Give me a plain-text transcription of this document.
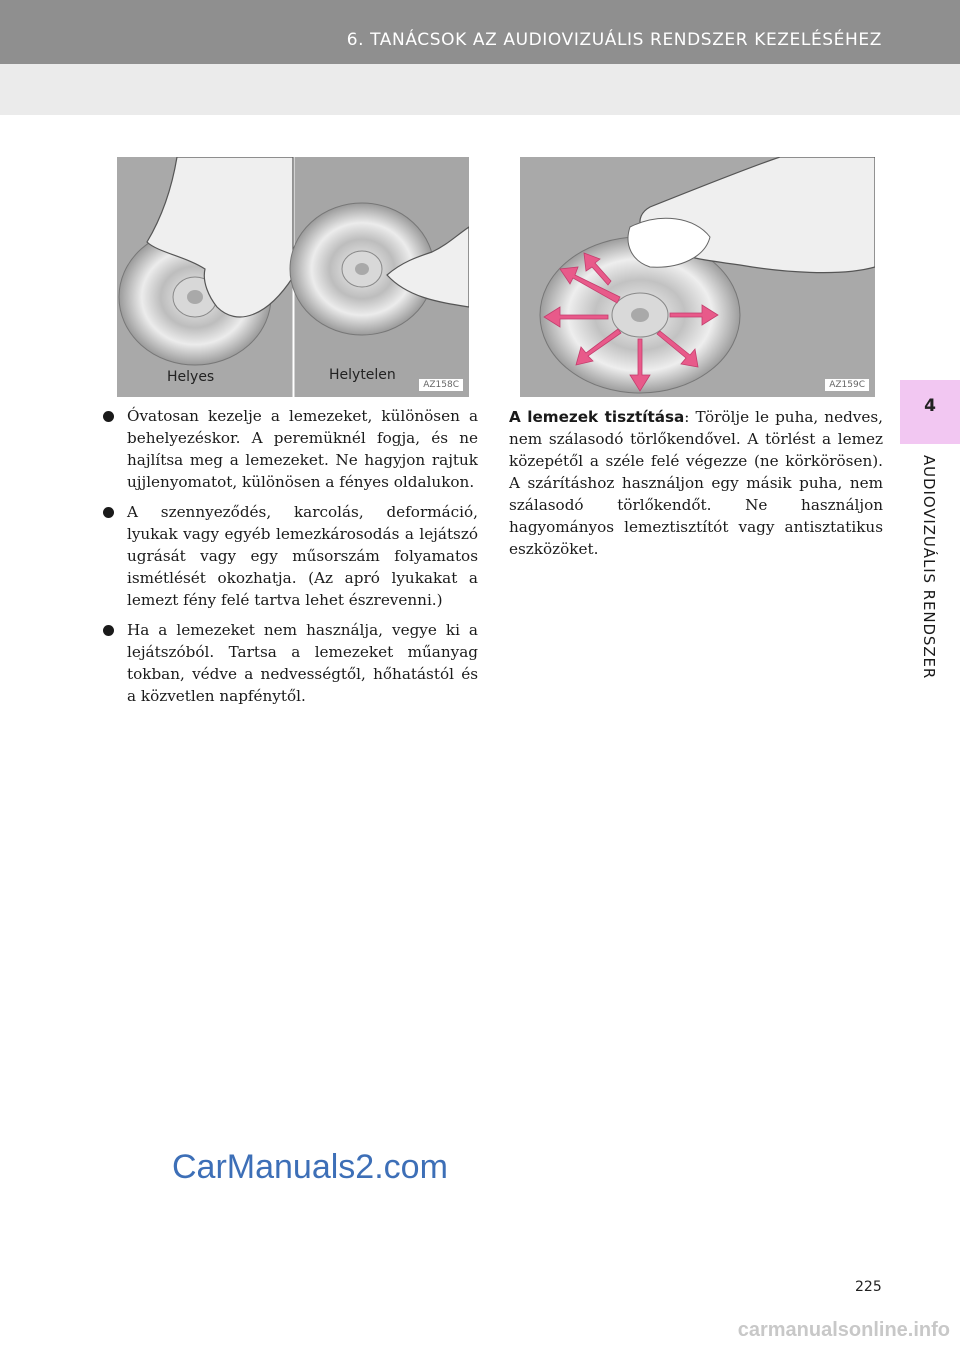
6. TANÁCSOK AZ AUDIOVIZUÁLIS RENDSZER KEZELÉSÉHEZ
4
AUDIOVIZUÁLIS RENDSZER
Helyes	Helytelen
AZ158C	AZ159C
Óvatosan kezelje a lemezeket, különösen a behelyezéskor. A peremüknél fogja, és ne hajlítsa meg a lemezeket. Ne hagyjon rajtuk ujjlenyomatot, különösen a fényes oldalukon.
A szennyeződés, karcolás, deformáció, lyukak vagy egyéb lemezkárosodás a lejátszó ugrását vagy egy műsorszám folyamatos ismétlését okozhatja. (Az apró lyukakat a lemezt fény felé tartva lehet észrevenni.)
Ha a lemezeket nem használja, vegye ki a lejátszóból. Tartsa a lemezeket műanyag tokban, védve a nedvességtől, hőhatástól és a közvetlen napfénytől.

A lemezek tisztítása: Törölje le puha, nedves, nem szálasodó törlőkendővel. A törlést a lemez közepétől a széle felé végezze (ne körkörösen). A szárításhoz használjon egy másik puha, nem szálasodó törlőkendőt. Ne használjon hagyományos lemeztisztítót vagy antisztatikus eszközöket.

CarManuals2.com
225
carmanualsonline.info
